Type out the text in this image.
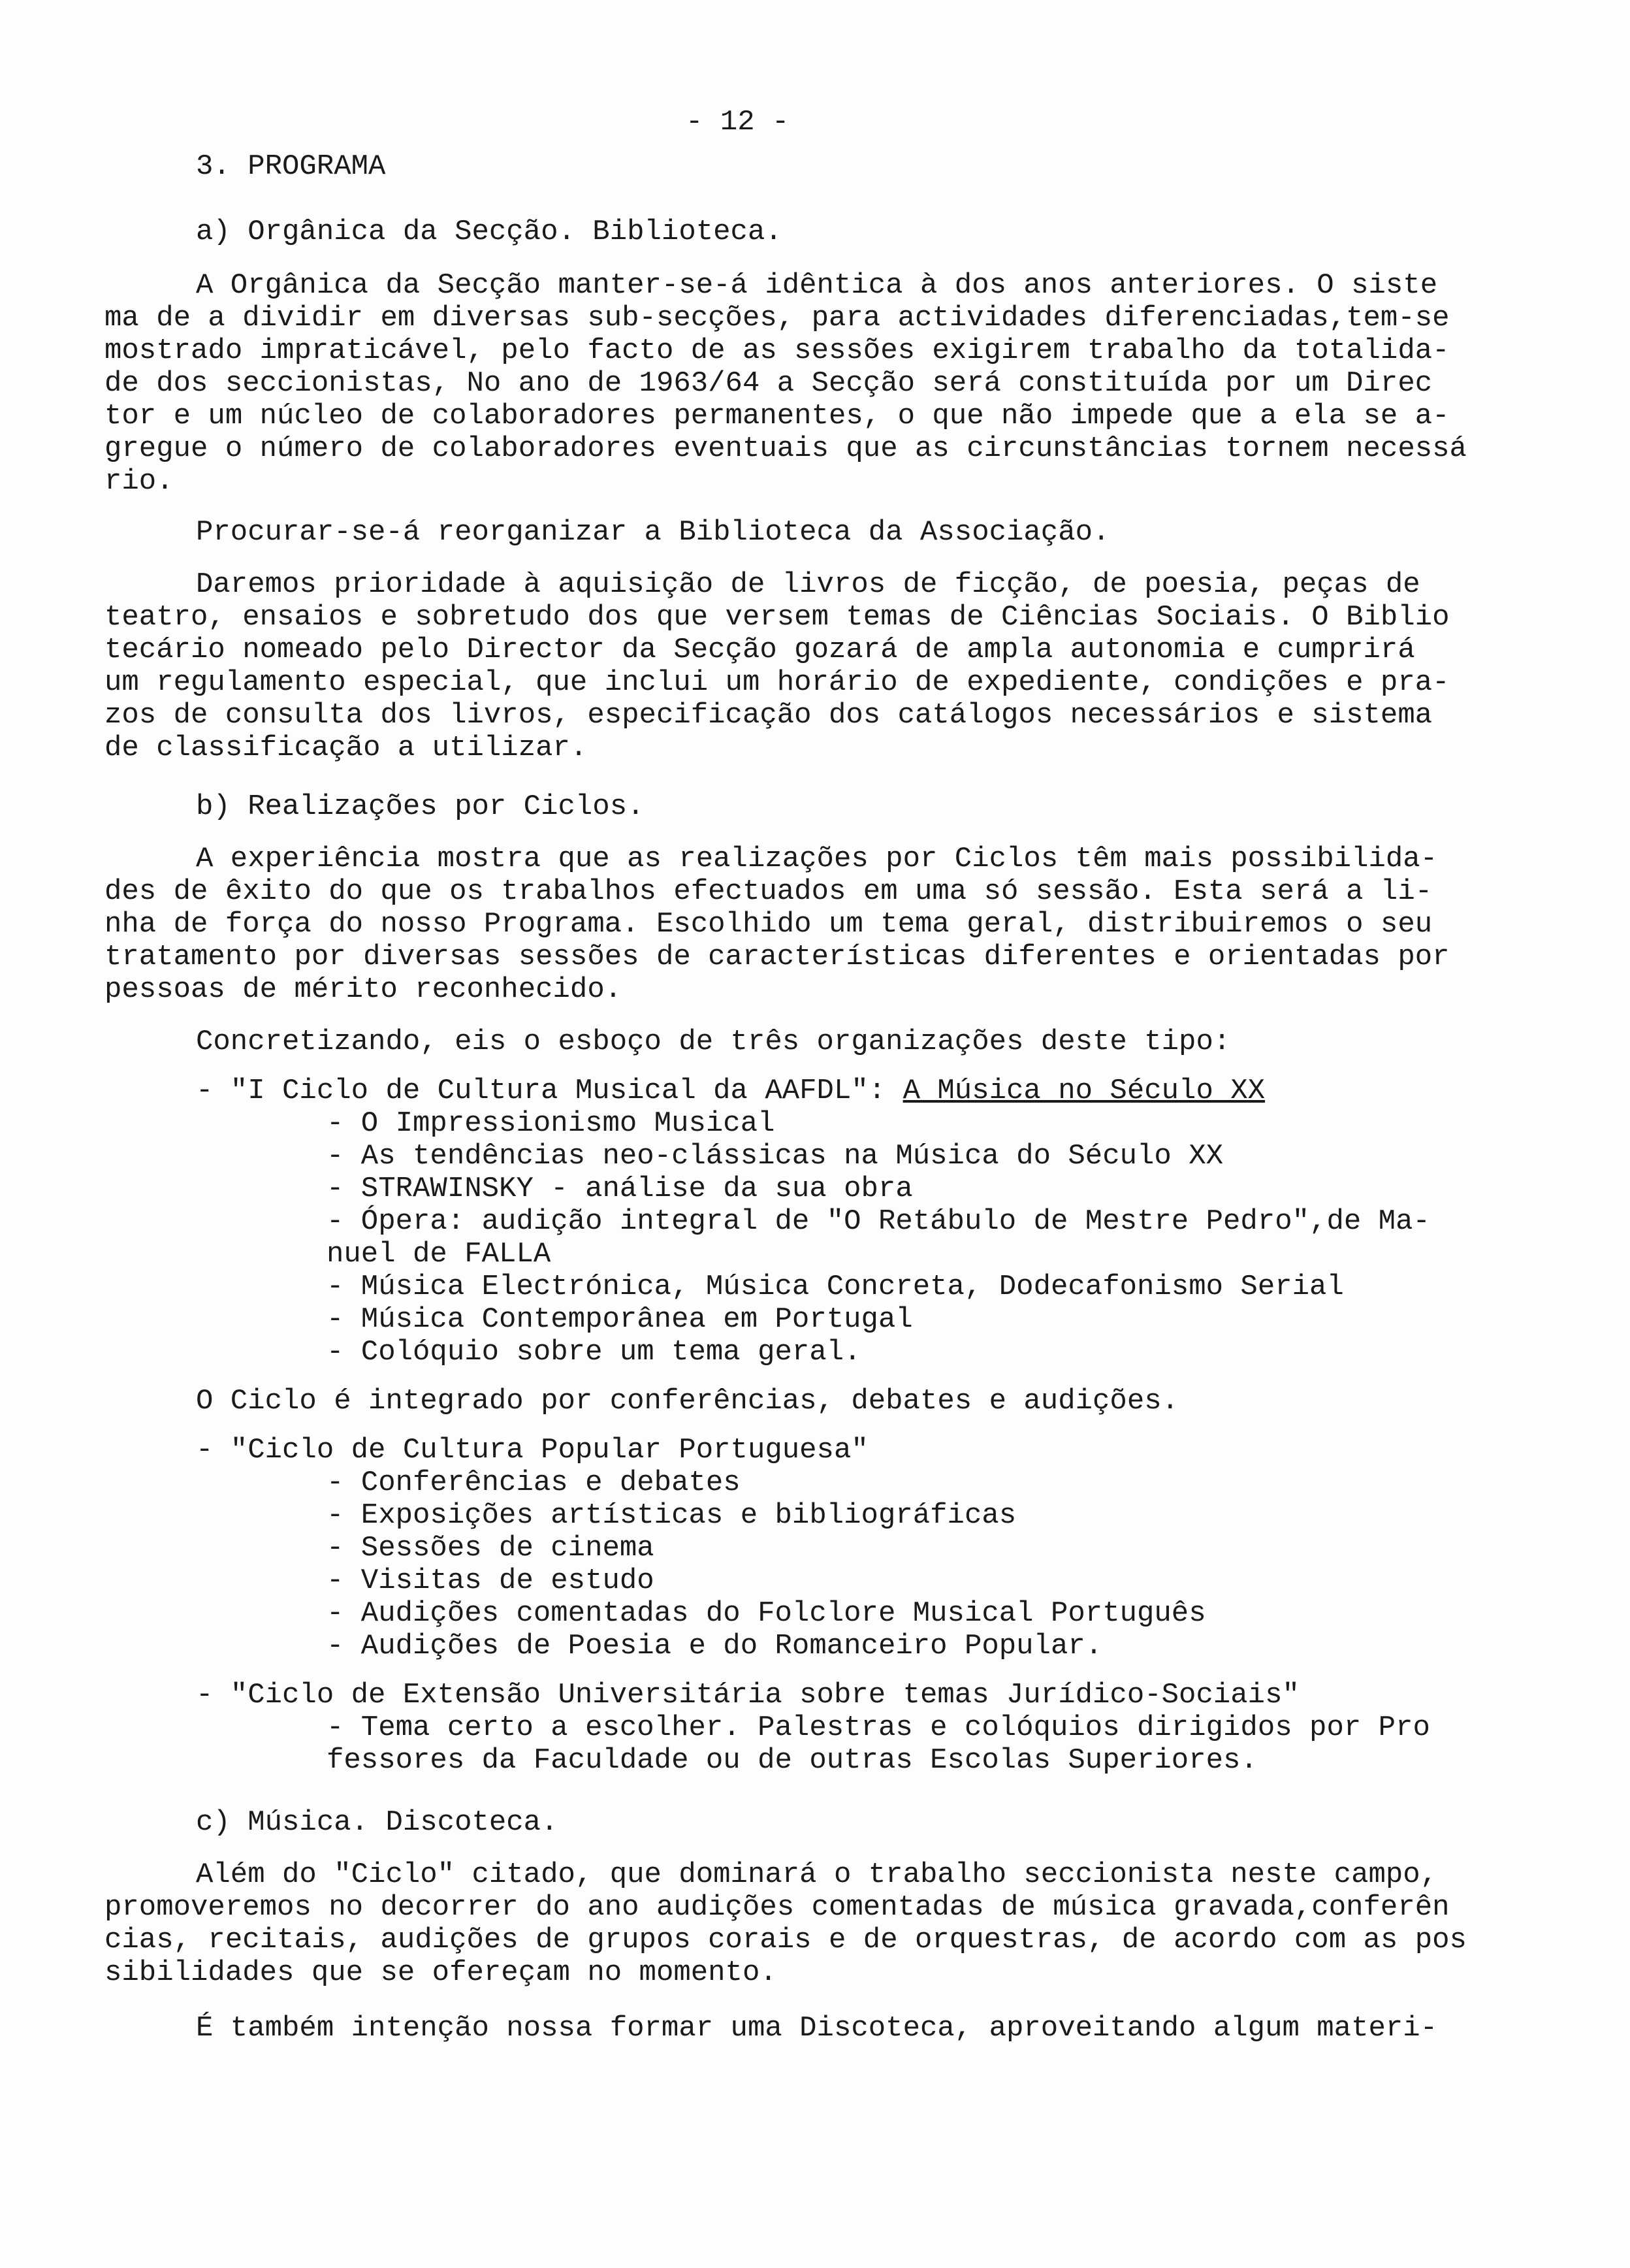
- 12 -
3. PROGRAMA
a) Orgânica da Secção. Biblioteca.
A Orgânica da Secção manter-se-á idêntica à dos anos anteriores. O siste
ma de a dividir em diversas sub-secções, para actividades diferenciadas,tem-se
mostrado impraticável, pelo facto de as sessões exigirem trabalho da totalida-
de dos seccionistas, No ano de 1963/64 a Secção será constituída por um Direc
tor e um núcleo de colaboradores permanentes, o que não impede que a ela se a-
gregue o número de colaboradores eventuais que as circunstâncias tornem necessá
rio.
Procurar-se-á reorganizar a Biblioteca da Associação.
Daremos prioridade à aquisição de livros de ficção, de poesia, peças de
teatro, ensaios e sobretudo dos que versem temas de Ciências Sociais. O Biblio
tecário nomeado pelo Director da Secção gozará de ampla autonomia e cumprirá
um regulamento especial, que inclui um horário de expediente, condições e pra-
zos de consulta dos livros, especificação dos catálogos necessários e sistema
de classificação a utilizar.
b) Realizações por Ciclos.
A experiência mostra que as realizações por Ciclos têm mais possibilida-
des de êxito do que os trabalhos efectuados em uma só sessão. Esta será a li-
nha de força do nosso Programa. Escolhido um tema geral, distribuiremos o seu
tratamento por diversas sessões de características diferentes e orientadas por
pessoas de mérito reconhecido.
Concretizando, eis o esboço de três organizações deste tipo:
- "I Ciclo de Cultura Musical da AAFDL": A Música no Século XX
- O Impressionismo Musical
- As tendências neo-clássicas na Música do Século XX
- STRAWINSKY - análise da sua obra
- Ópera: audição integral de "O Retábulo de Mestre Pedro",de Ma-
nuel de FALLA
- Música Electrónica, Música Concreta, Dodecafonismo Serial
- Música Contemporânea em Portugal
- Colóquio sobre um tema geral.
O Ciclo é integrado por conferências, debates e audições.
- "Ciclo de Cultura Popular Portuguesa"
- Conferências e debates
- Exposições artísticas e bibliográficas
- Sessões de cinema
- Visitas de estudo
- Audições comentadas do Folclore Musical Português
- Audições de Poesia e do Romanceiro Popular.
- "Ciclo de Extensão Universitária sobre temas Jurídico-Sociais"
- Tema certo a escolher. Palestras e colóquios dirigidos por Pro
fessores da Faculdade ou de outras Escolas Superiores.
c) Música. Discoteca.
Além do "Ciclo" citado, que dominará o trabalho seccionista neste campo,
promoveremos no decorrer do ano audições comentadas de música gravada,conferên
cias, recitais, audições de grupos corais e de orquestras, de acordo com as pos
sibilidades que se ofereçam no momento.
É também intenção nossa formar uma Discoteca, aproveitando algum materi-
